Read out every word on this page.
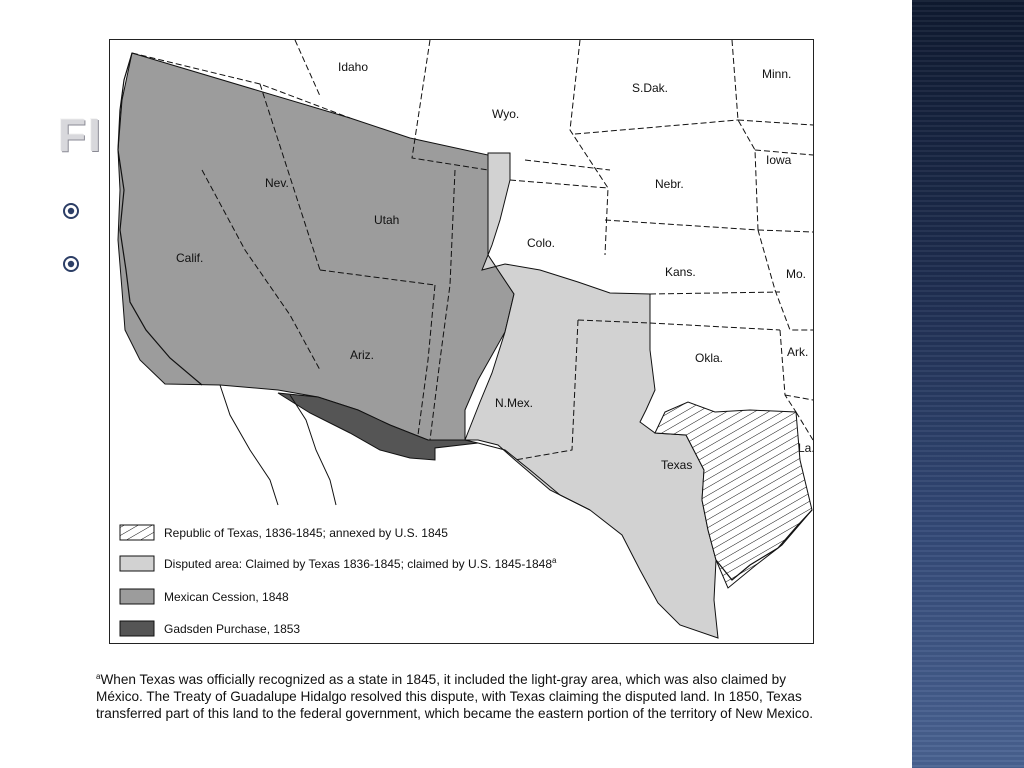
FI
Idaho
Wyo.
S.Dak.
Minn.
Iowa
Nebr.
Nev.
Utah
Calif.
Colo.
Kans.	Mo.
Ariz.	Okla.	Ark.
N.Mex.
Texas
La.
Republic of Texas, 1836-1845; annexed by U.S. 1845
Disputed area: Claimed by Texas 1836-1845; claimed by U.S. 1845-1848$^a$
Mexican Cession, 1848
Gadsden Purchase, 1853

$^a$When Texas was officially recognized as a state in 1845, it included the light-gray area, which was also claimed by México. The Treaty of Guadalupe Hidalgo resolved this dispute, with Texas claiming the disputed land. In 1850, Texas transferred part of this land to the federal government, which became the eastern portion of the territory of New Mexico.
